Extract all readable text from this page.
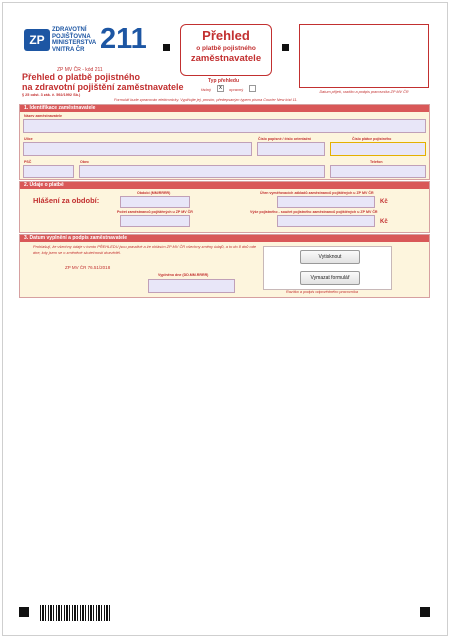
ZP
ZDRAVOTNÍ
POJIŠŤOVNA
MINISTERSTVA
VNITRA ČR 211	Přehled
o platbě pojistného
zaměstnavatele
Datum přijetí, razítko a podpis pracovníka ZP MV ČR
ZP MV ČR - kód 211
Přehled o platbě pojistného
na zdravotní pojištění zaměstnavatele
§ 25 odst. 3 zák. č. 592/1992 Sb.)
Typ přehledu
řádný	x	opravný
Formulář bude zpracován elektronicky. Vyplňujte jej, prosím, předepsaným typem písma Courier New kód 11.
1. Identifikace zaměstnavatele
Název zaměstnavatele
Ulice	Číslo popisné / číslo orientační	Číslo plátce pojistného
PSČ	Obec	Telefon
2. Údaje o platbě
Hlášení za období:
Období (MM/RRRR)
Počet zaměstnanců pojištěných u ZP MV ČR
Úhrn vyměřovacích základů zaměstnanců pojištěných u ZP MV ČR
Kč
Výše pojistného - součet pojistného zaměstnanců pojištěných u ZP MV ČR
Kč
3. Datum vyplnění a podpis zaměstnavatele
Prohlašuji, že všechny údaje v tomto PŘEHLEDU jsou pravdivé a že ohlásím ZP MV ČR všechny změny údajů, a to do 8 dnů ode dne, kdy jsem se o změněné skutečnosti dozvěděl.
ZP MV ČR 76.51/2018
Vyplněno dne (DD.MM.RRRR)
Vytisknout
Vymazat formulář
Razítko a podpis odpovědného pracovníka
